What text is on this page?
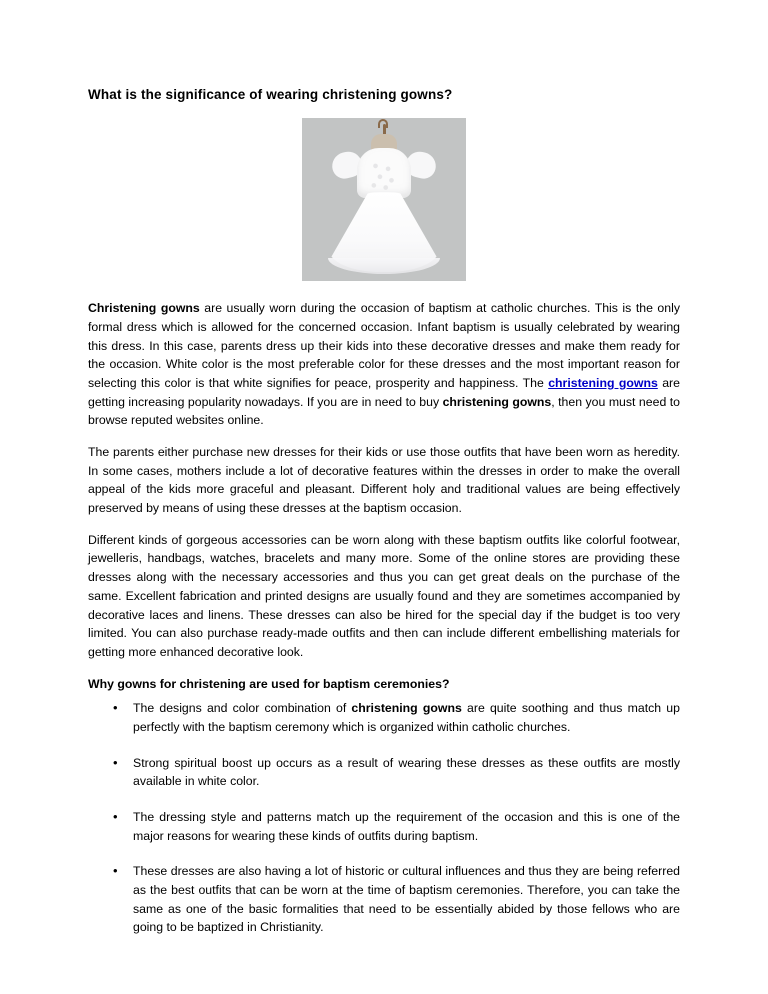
What is the significance of wearing christening gowns?

Christening gowns are usually worn during the occasion of baptism at catholic churches. This is the only formal dress which is allowed for the concerned occasion. Infant baptism is usually celebrated by wearing this dress. In this case, parents dress up their kids into these decorative dresses and make them ready for the occasion. White color is the most preferable color for these dresses and the most important reason for selecting this color is that white signifies for peace, prosperity and happiness. The christening gowns are getting increasing popularity nowadays. If you are in need to buy christening gowns, then you must need to browse reputed websites online.

The parents either purchase new dresses for their kids or use those outfits that have been worn as heredity. In some cases, mothers include a lot of decorative features within the dresses in order to make the overall appeal of the kids more graceful and pleasant. Different holy and traditional values are being effectively preserved by means of using these dresses at the baptism occasion.

Different kinds of gorgeous accessories can be worn along with these baptism outfits like colorful footwear, jewelleris, handbags, watches, bracelets and many more. Some of the online stores are providing these dresses along with the necessary accessories and thus you can get great deals on the purchase of the same. Excellent fabrication and printed designs are usually found and they are sometimes accompanied by decorative laces and linens. These dresses can also be hired for the special day if the budget is too very limited. You can also purchase ready-made outfits and then can include different embellishing materials for getting more enhanced decorative look.

Why gowns for christening are used for baptism ceremonies?
• The designs and color combination of christening gowns are quite soothing and thus match up perfectly with the baptism ceremony which is organized within catholic churches.
• Strong spiritual boost up occurs as a result of wearing these dresses as these outfits are mostly available in white color.
• The dressing style and patterns match up the requirement of the occasion and this is one of the major reasons for wearing these kinds of outfits during baptism.
• These dresses are also having a lot of historic or cultural influences and thus they are being referred as the best outfits that can be worn at the time of baptism ceremonies. Therefore, you can take the same as one of the basic formalities that need to be essentially abided by those fellows who are going to be baptized in Christianity.
